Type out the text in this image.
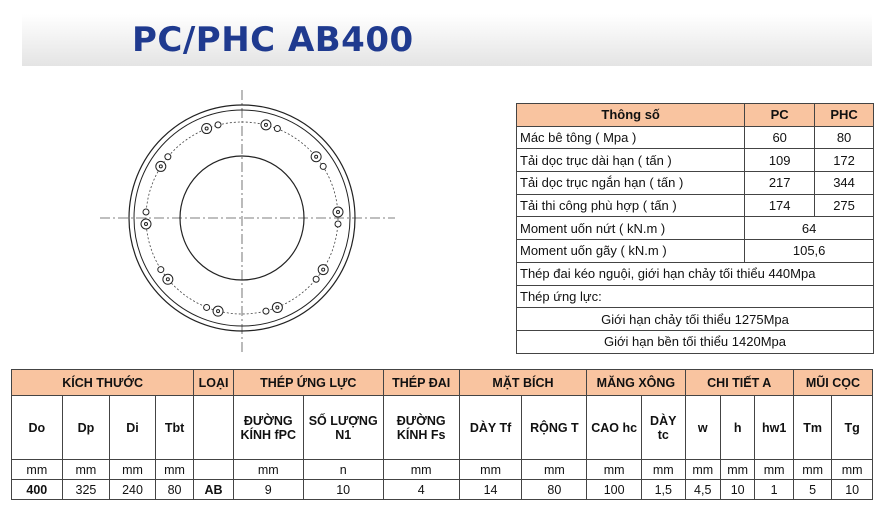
PC/PHC AB400
Thông số	PC	PHC
Mác bê tông ( Mpa )	60	80
Tải dọc trục dài hạn ( tấn )	109	172
Tải dọc trục ngắn hạn ( tấn )	217	344
Tải thi công phù hợp ( tấn )	174	275
Moment uốn nứt ( kN.m )	64	
Moment uốn gãy ( kN.m )	105,6	
Thép đai kéo nguội, giới hạn chảy tối thiểu 440Mpa		
Thép ứng lực:		
Giới hạn chảy tối thiểu 1275Mpa		
Giới hạn bền tối thiểu 1420Mpa		
KÍCH THƯỚC				LOẠI	THÉP ỨNG LỰC		THÉP ĐAI	MẶT BÍCH		MĂNG XÔNG		CHI TIẾT A			MŨI CỌC	
Do	Dp	Di	Tbt		ĐƯỜNG KÍNH fPC	SỐ LƯỢNG N1	ĐƯỜNG KÍNH Fs	DÀY Tf	RỘNG T	CAO hc	DÀY tc	w	h	hw1	Tm	Tg
mm	mm	mm	mm		mm	n	mm	mm	mm	mm	mm	mm	mm	mm	mm	mm
400	325	240	80	AB	9	10	4	14	80	100	1,5	4,5	10	1	5	10
